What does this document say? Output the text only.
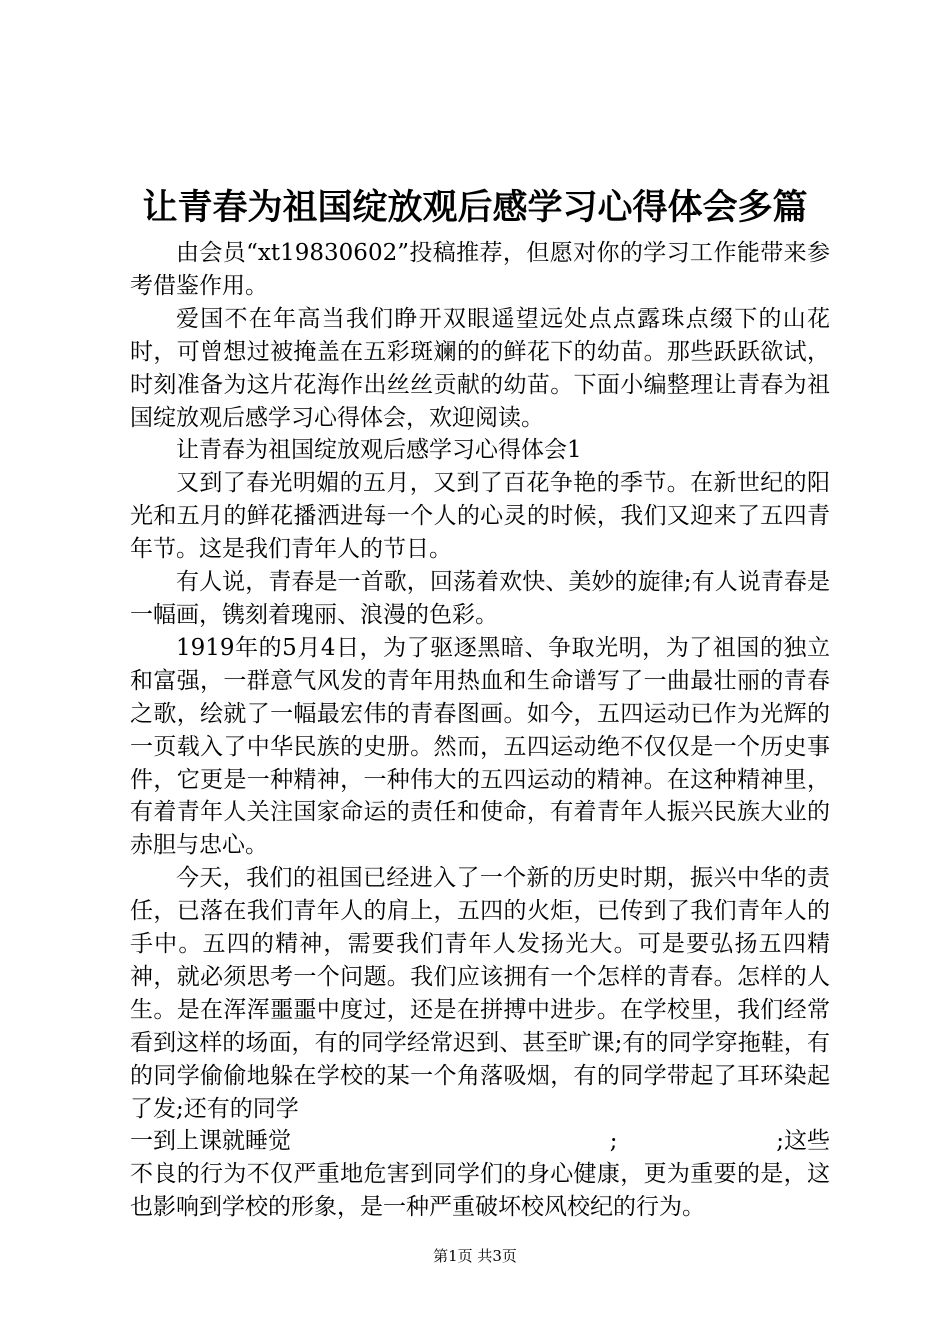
让青春为祖国绽放观后感学习心得体会多篇

由会员“xt19830602”投稿推荐，但愿对你的学习工作能带来参考借鉴作用。

爱国不在年高当我们睁开双眼遥望远处点点露珠点缀下的山花时，可曾想过被掩盖在五彩斑斓的的鲜花下的幼苗。那些跃跃欲试，时刻准备为这片花海作出丝丝贡献的幼苗。下面小编整理让青春为祖国绽放观后感学习心得体会，欢迎阅读。

让青春为祖国绽放观后感学习心得体会1

又到了春光明媚的五月，又到了百花争艳的季节。在新世纪的阳光和五月的鲜花播洒进每一个人的心灵的时候，我们又迎来了五四青年节。这是我们青年人的节日。

有人说，青春是一首歌，回荡着欢快、美妙的旋律;有人说青春是一幅画，镌刻着瑰丽、浪漫的色彩。

1919年的5月4日，为了驱逐黑暗、争取光明，为了祖国的独立和富强，一群意气风发的青年用热血和生命谱写了一曲最壮丽的青春之歌，绘就了一幅最宏伟的青春图画。如今，五四运动已作为光辉的一页载入了中华民族的史册。然而，五四运动绝不仅仅是一个历史事件，它更是一种精神，一种伟大的五四运动的精神。在这种精神里，有着青年人关注国家命运的责任和使命，有着青年人振兴民族大业的赤胆与忠心。

今天，我们的祖国已经进入了一个新的历史时期，振兴中华的责任，已落在我们青年人的肩上，五四的火炬，已传到了我们青年人的手中。五四的精神，需要我们青年人发扬光大。可是要弘扬五四精神，就必须思考一个问题。我们应该拥有一个怎样的青春。怎样的人生。是在浑浑噩噩中度过，还是在拼搏中进步。在学校里，我们经常看到这样的场面，有的同学经常迟到、甚至旷课;有的同学穿拖鞋，有的同学偷偷地躲在学校的某一个角落吸烟，有的同学带起了耳环染起了发;还有的同学

一到上课就睡觉	;	;这些

不良的行为不仅严重地危害到同学们的身心健康，更为重要的是，这也影响到学校的形象，是一种严重破坏校风校纪的行为。

第1页 共3页
